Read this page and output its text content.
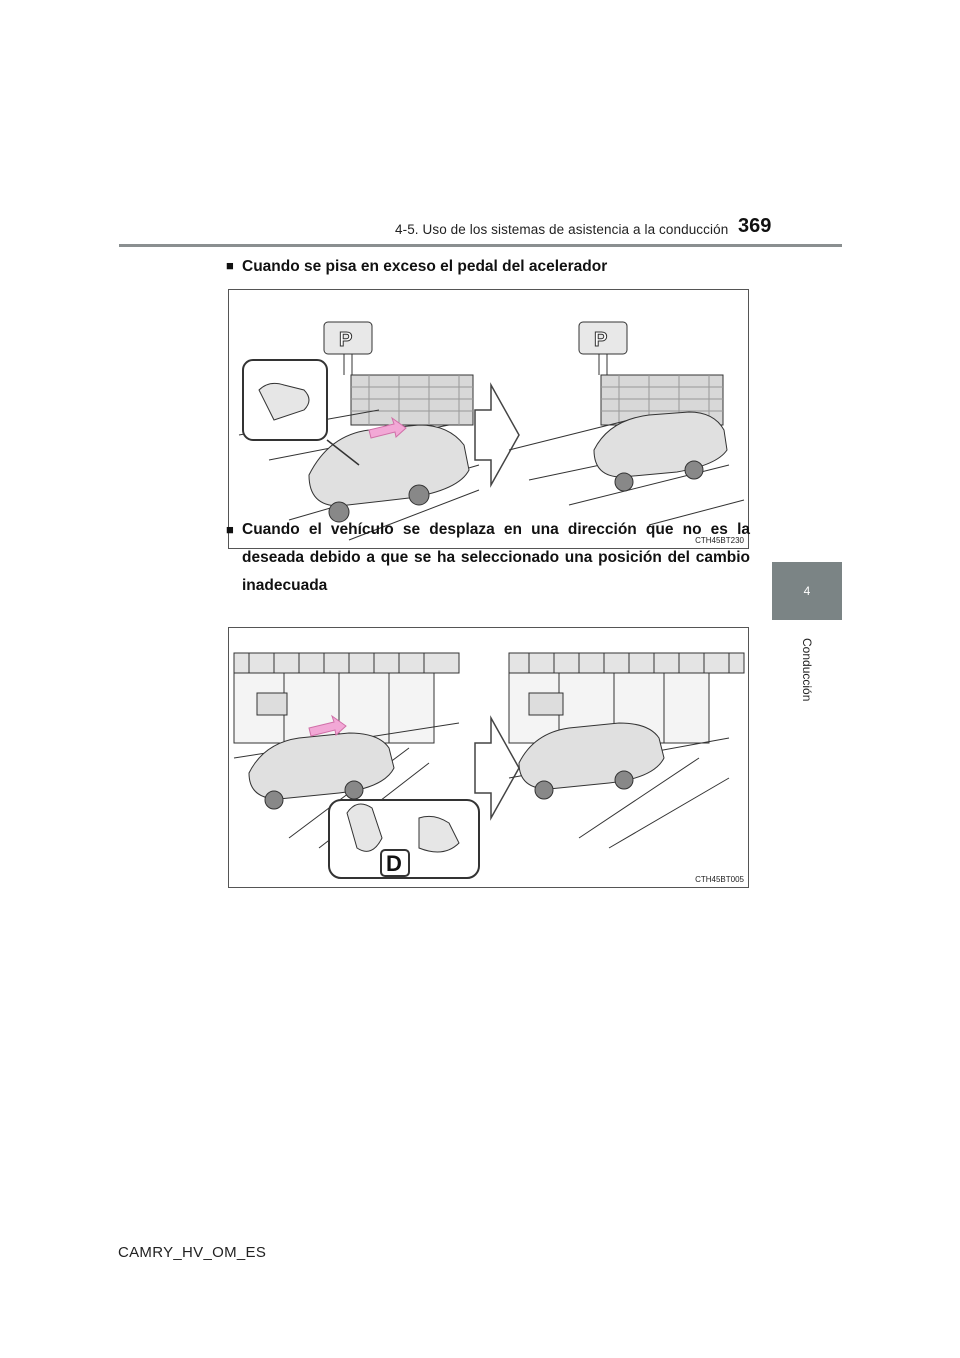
4-5. Uso de los sistemas de asistencia a la conducción 369
4
Conducción
■ Cuando se pisa en exceso el pedal del acelerador
P	P
CTH45BT230
■ Cuando el vehículo se desplaza en una dirección que no es la
deseada debido a que se ha seleccionado una posición del cambio
inadecuada
D
CTH45BT005
CAMRY_HV_OM_ES
